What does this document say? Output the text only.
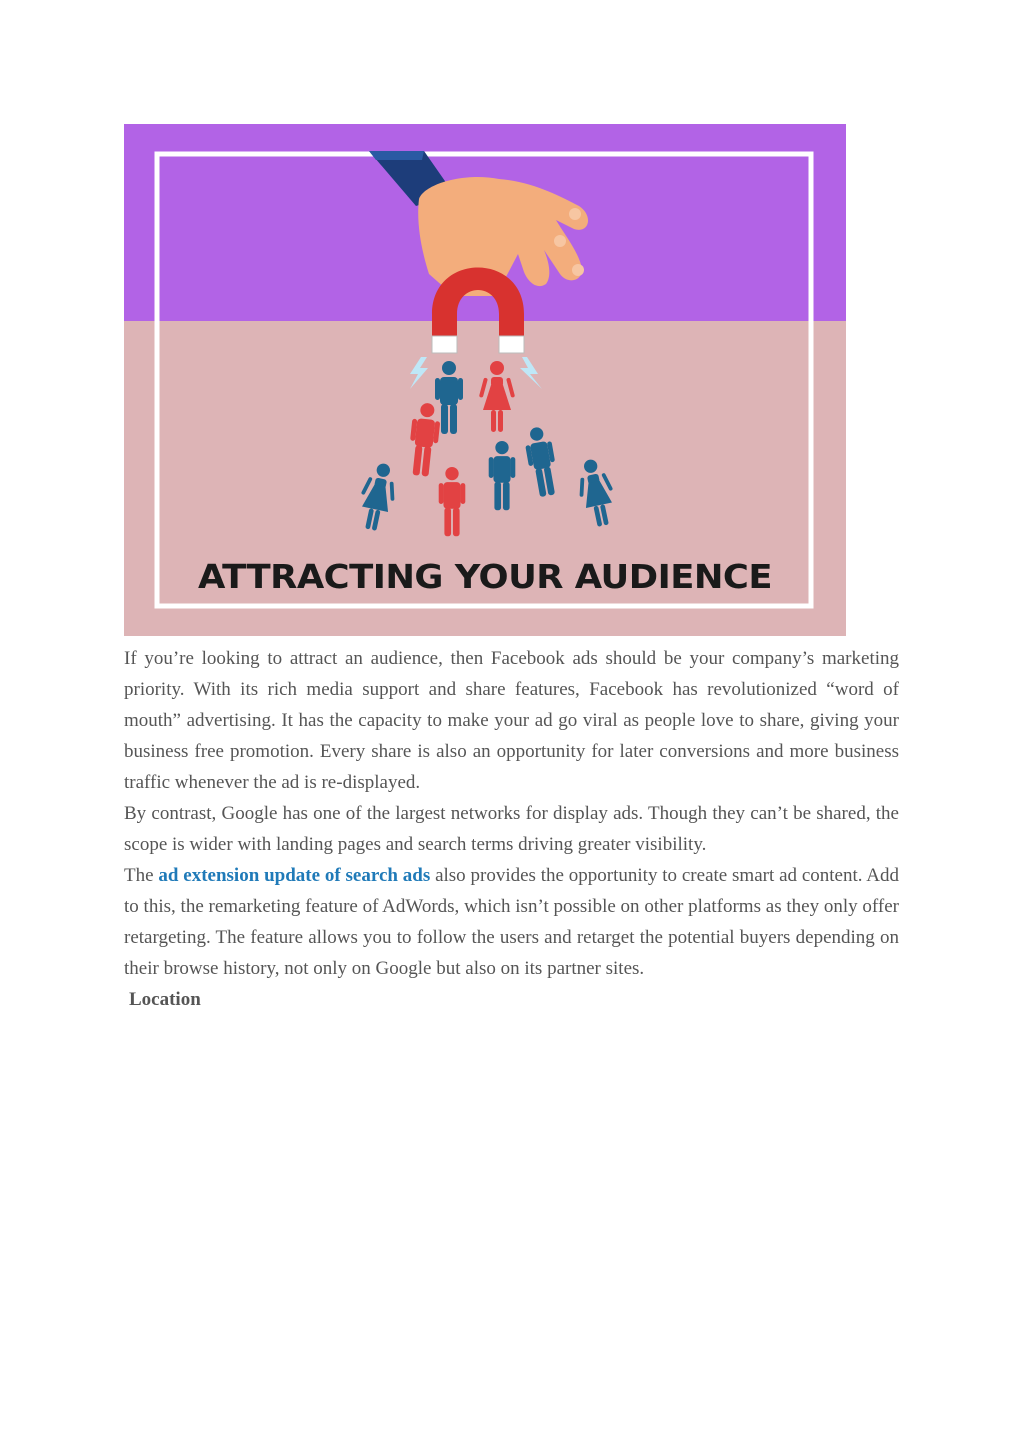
ATTRACTING YOUR AUDIENCE

If you’re looking to attract an audience, then Facebook ads should be your company’s marketing priority. With its rich media support and share features, Facebook has revolutionized “word of mouth” advertising. It has the capacity to make your ad go viral as people love to share, giving your business free promotion. Every share is also an opportunity for later conversions and more business traffic whenever the ad is re-displayed.

By contrast, Google has one of the largest networks for display ads. Though they can’t be shared, the scope is wider with landing pages and search terms driving greater visibility.

The ad extension update of search ads also provides the opportunity to create smart ad content. Add to this, the remarketing feature of AdWords, which isn’t possible on other platforms as they only offer retargeting. The feature allows you to follow the users and retarget the potential buyers depending on their browse history, not only on Google but also on its partner sites.

Location
